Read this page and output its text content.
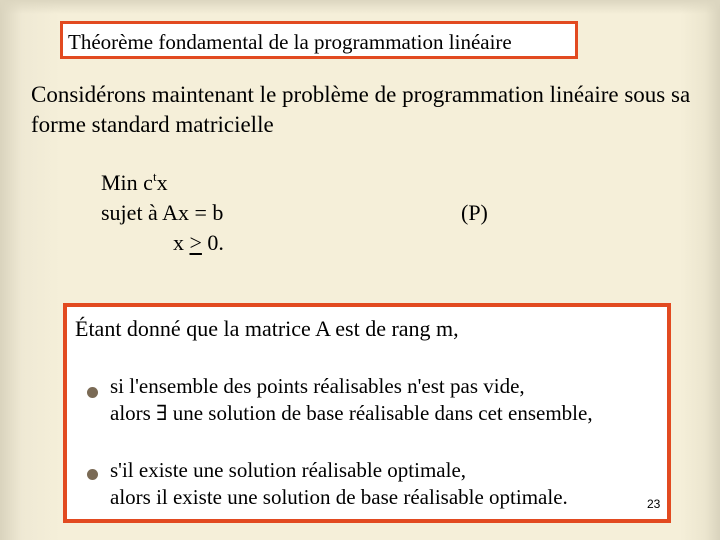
Théorème fondamental de la programmation linéaire
Considérons maintenant le problème de programmation linéaire sous sa forme standard matricielle
Min $c^tx$
sujet à Ax = b
x > 0.
(P)
Étant donné que la matrice A est de rang m,
si l'ensemble des points réalisables n'est pas vide,
alors ∃ une solution de base réalisable dans cet ensemble,
s'il existe une solution réalisable optimale,
alors il existe une solution de base réalisable optimale.	23
